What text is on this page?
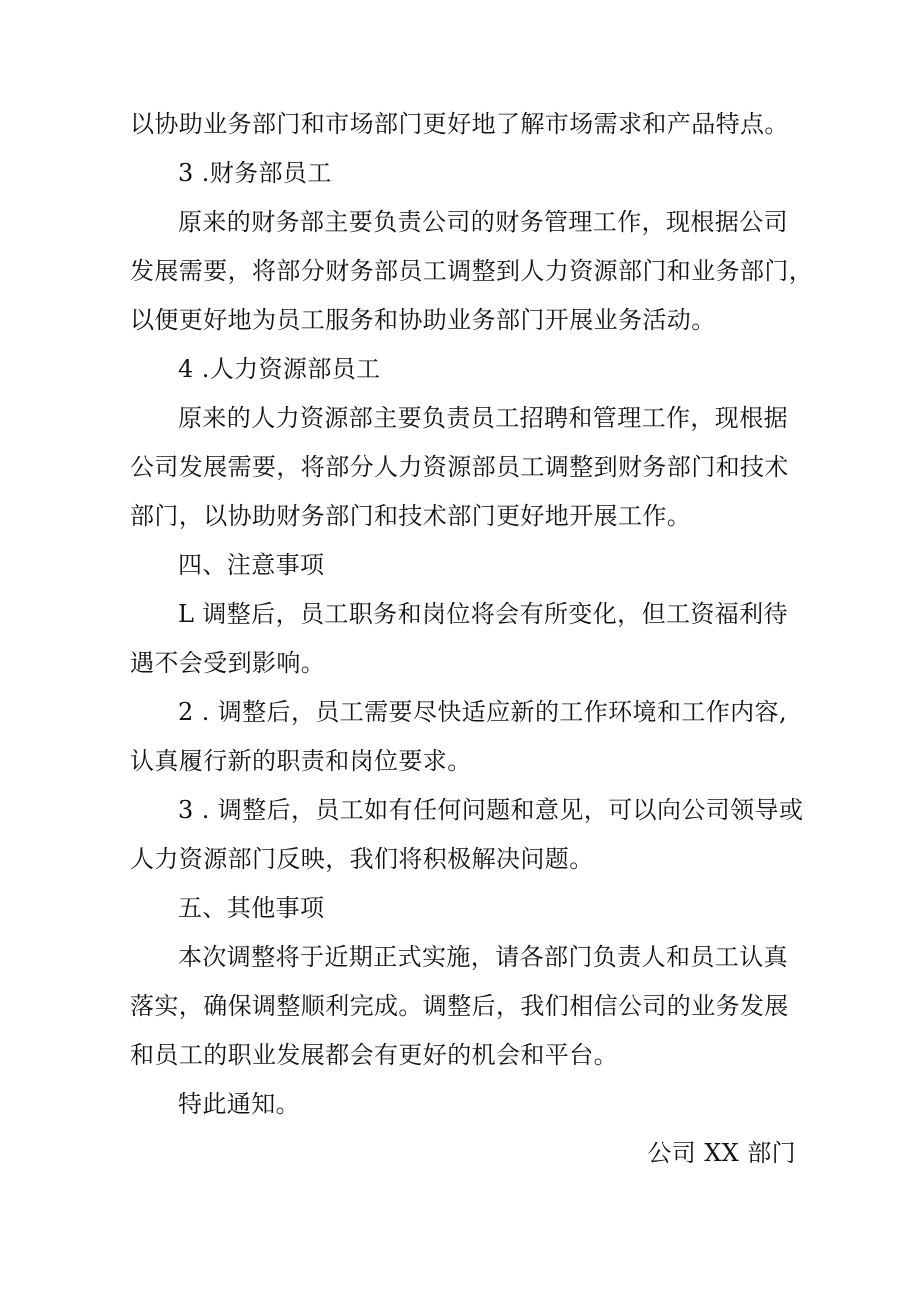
以协助业务部门和市场部门更好地了解市场需求和产品特点。
3 .财务部员工
原来的财务部主要负责公司的财务管理工作，现根据公司
发展需要，将部分财务部员工调整到人力资源部门和业务部门，
以便更好地为员工服务和协助业务部门开展业务活动。
4 .人力资源部员工
原来的人力资源部主要负责员工招聘和管理工作，现根据
公司发展需要，将部分人力资源部员工调整到财务部门和技术
部门，以协助财务部门和技术部门更好地开展工作。
四、注意事项
L 调整后，员工职务和岗位将会有所变化，但工资福利待
遇不会受到影响。
2 . 调整后，员工需要尽快适应新的工作环境和工作内容,
认真履行新的职责和岗位要求。
3 . 调整后，员工如有任何问题和意见，可以向公司领导或
人力资源部门反映，我们将积极解决问题。
五、其他事项
本次调整将于近期正式实施，请各部门负责人和员工认真
落实，确保调整顺利完成。调整后，我们相信公司的业务发展
和员工的职业发展都会有更好的机会和平台。
特此通知。
公司 XX 部门
